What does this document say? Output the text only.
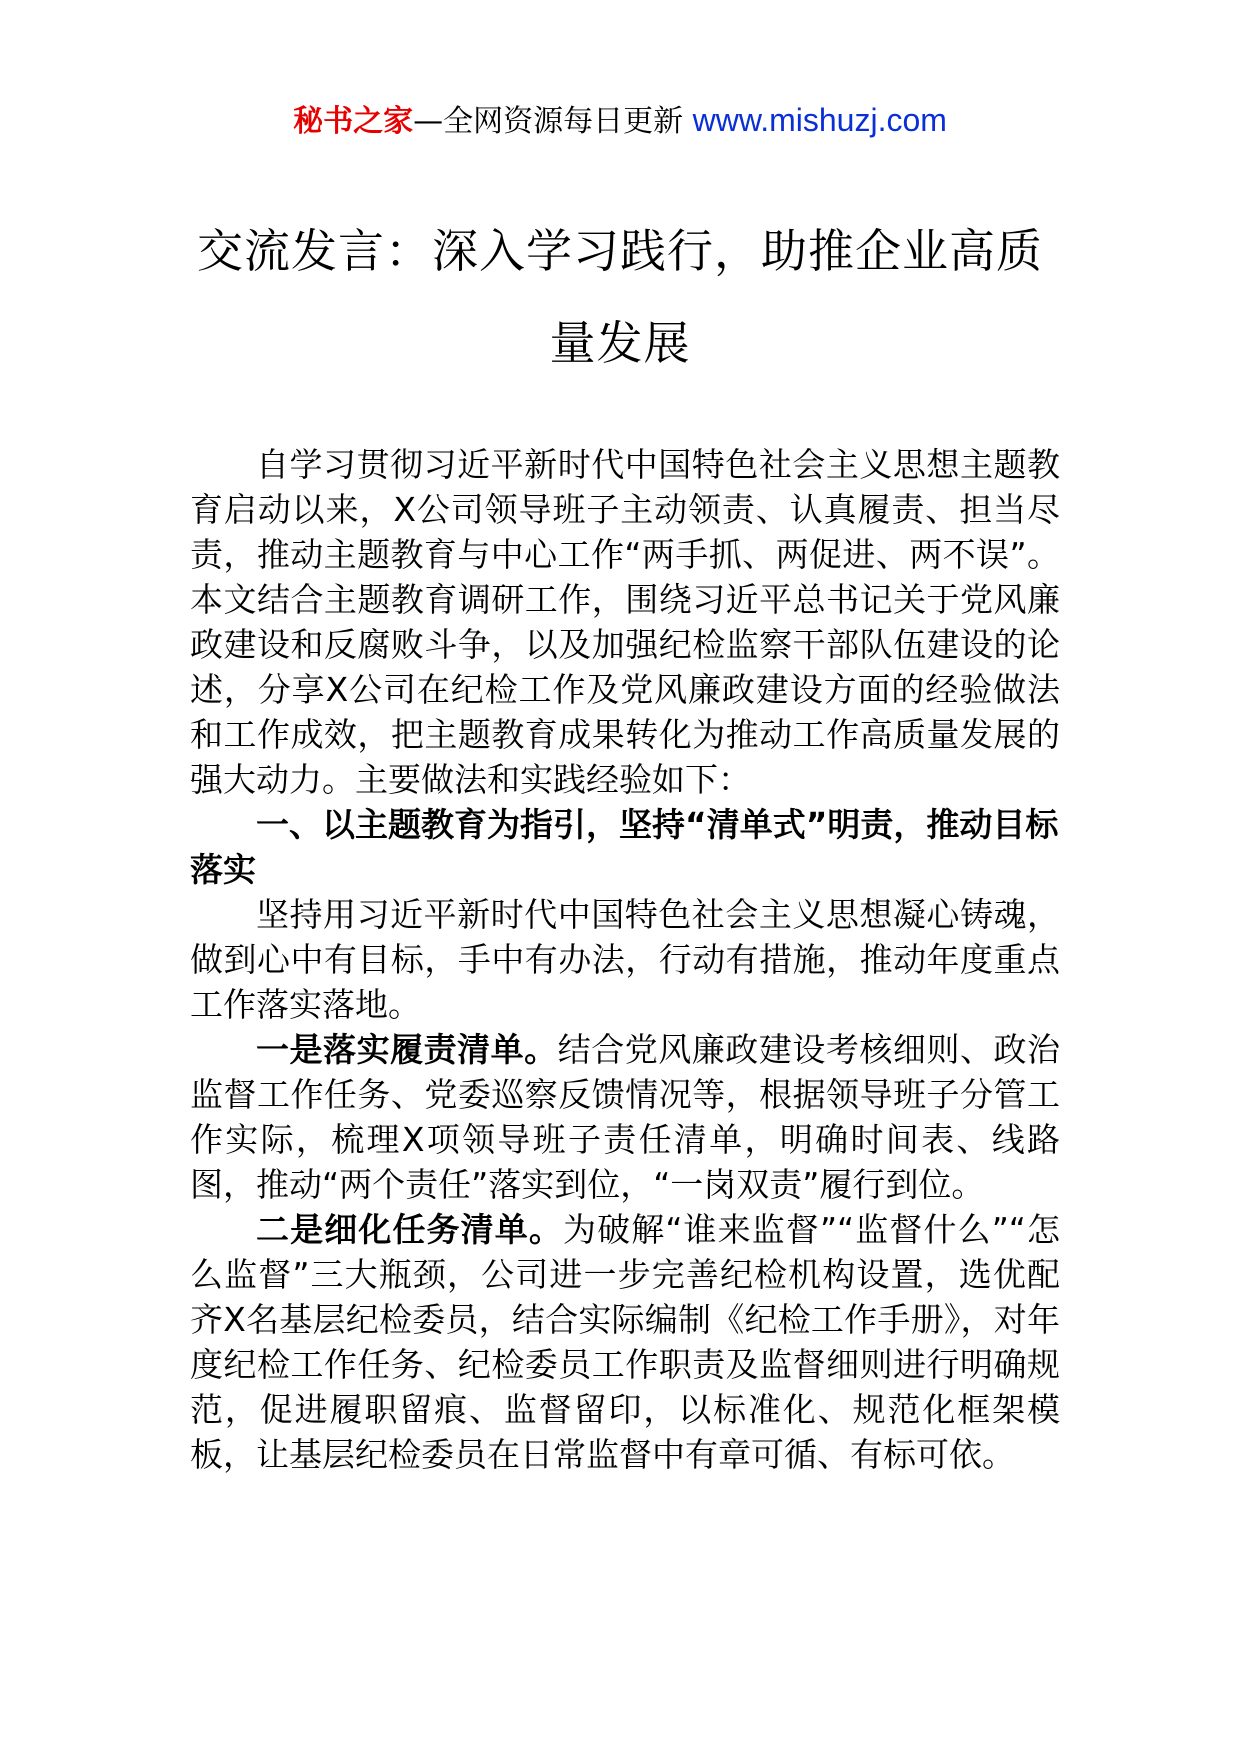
秘书之家—全网资源每日更新 www.mishuzj.com
交流发言：深入学习践行，助推企业高质量发展

自学习贯彻习近平新时代中国特色社会主义思想主题教育启动以来，X公司领导班子主动领责、认真履责、担当尽责，推动主题教育与中心工作“两手抓、两促进、两不误”。本文结合主题教育调研工作，围绕习近平总书记关于党风廉政建设和反腐败斗争，以及加强纪检监察干部队伍建设的论述，分享X公司在纪检工作及党风廉政建设方面的经验做法和工作成效，把主题教育成果转化为推动工作高质量发展的强大动力。主要做法和实践经验如下：

一、以主题教育为指引，坚持“清单式”明责，推动目标落实

坚持用习近平新时代中国特色社会主义思想凝心铸魂，做到心中有目标，手中有办法，行动有措施，推动年度重点工作落实落地。

一是落实履责清单。结合党风廉政建设考核细则、政治监督工作任务、党委巡察反馈情况等，根据领导班子分管工作实际，梳理X项领导班子责任清单，明确时间表、线路图，推动“两个责任”落实到位，“一岗双责”履行到位。

二是细化任务清单。为破解“谁来监督”“监督什么”“怎么监督”三大瓶颈，公司进一步完善纪检机构设置，选优配齐X名基层纪检委员，结合实际编制《纪检工作手册》，对年度纪检工作任务、纪检委员工作职责及监督细则进行明确规范，促进履职留痕、监督留印，以标准化、规范化框架模板，让基层纪检委员在日常监督中有章可循、有标可依。
